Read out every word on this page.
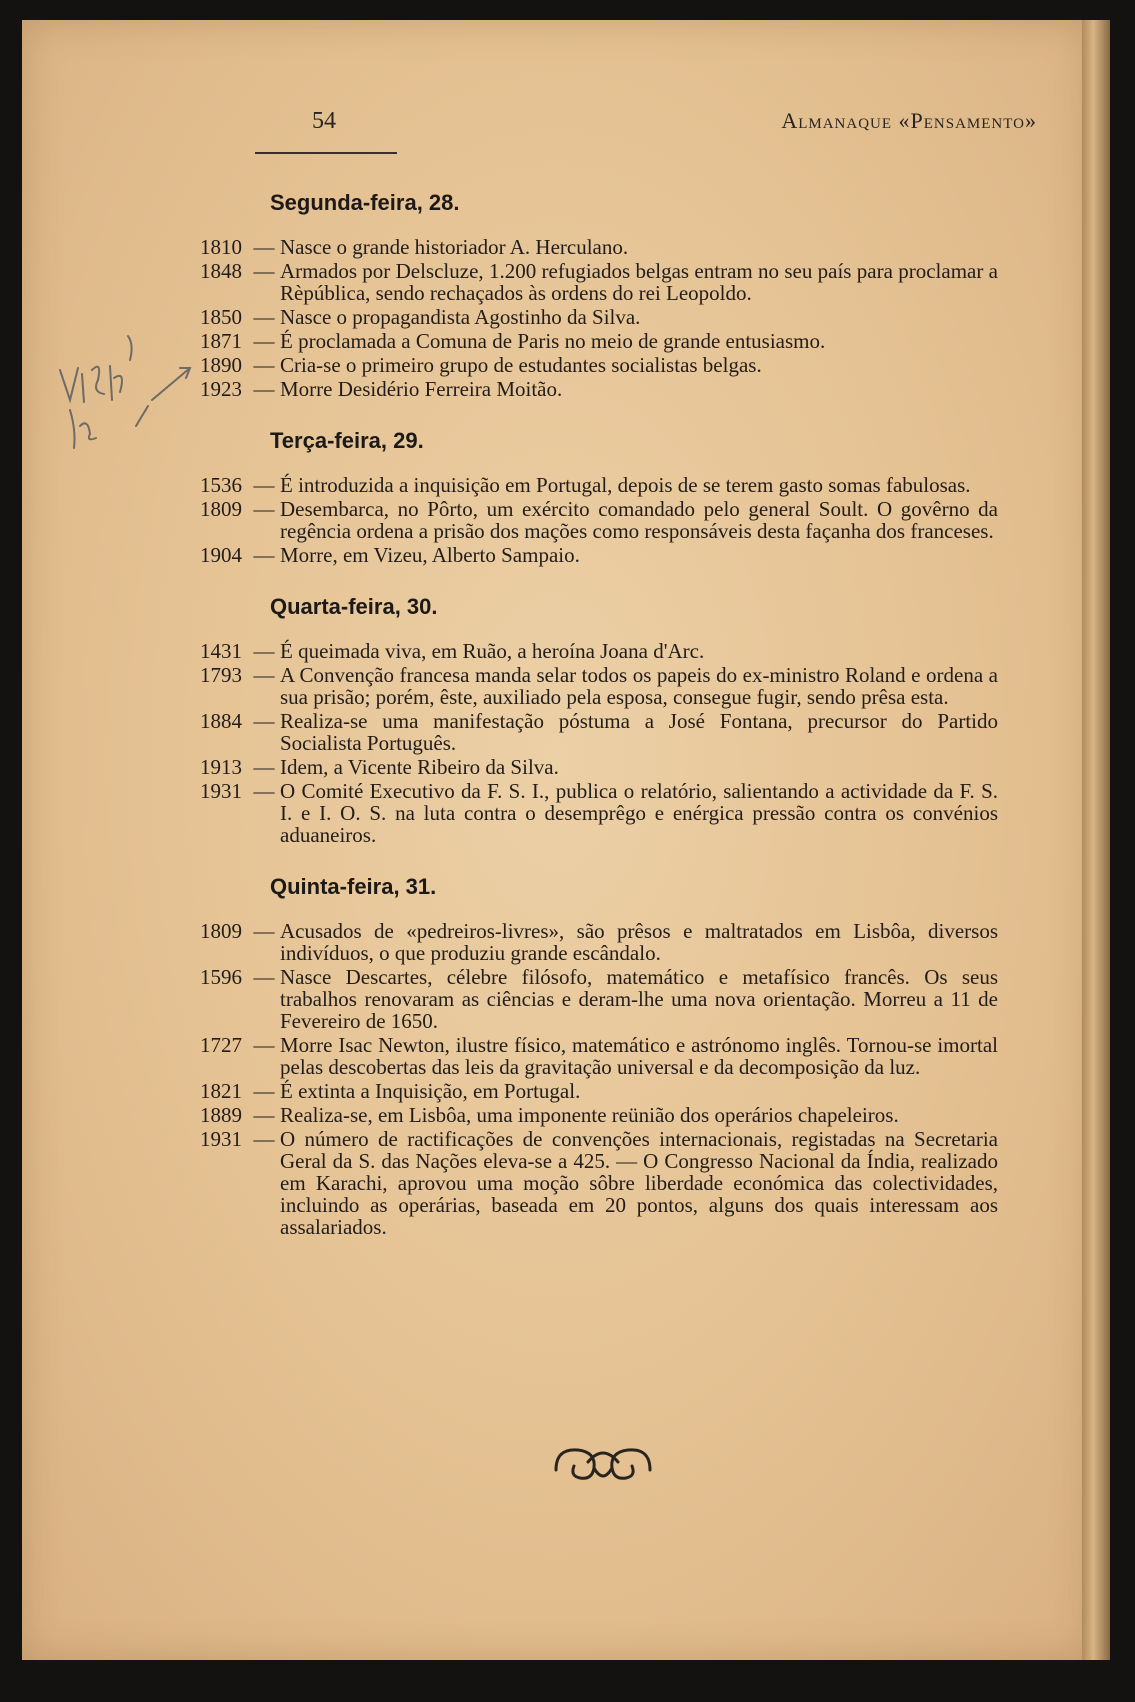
54	Almanaque «Pensamento»
Segunda-feira, 28.
1810 — Nasce o grande historiador A. Herculano.
1848 — Armados por Delscluze, 1.200 refugiados belgas entram no seu país para proclamar a Rèpública, sendo rechaçados às ordens do rei Leopoldo.
1850 — Nasce o propagandista Agostinho da Silva.
1871 — É proclamada a Comuna de Paris no meio de grande entusiasmo.
1890 — Cria-se o primeiro grupo de estudantes socialistas belgas.
1923 — Morre Desidério Ferreira Moitão.
Terça-feira, 29.
1536 — É introduzida a inquisição em Portugal, depois de se terem gasto somas fabulosas.
1809 — Desembarca, no Pôrto, um exército comandado pelo general Soult. O govêrno da regência ordena a prisão dos mações como responsáveis desta façanha dos franceses.
1904 — Morre, em Vizeu, Alberto Sampaio.
Quarta-feira, 30.
1431 — É queimada viva, em Ruão, a heroína Joana d'Arc.
1793 — A Convenção francesa manda selar todos os papeis do ex-ministro Roland e ordena a sua prisão; porém, êste, auxiliado pela esposa, consegue fugir, sendo prêsa esta.
1884 — Realiza-se uma manifestação póstuma a José Fontana, precursor do Partido Socialista Português.
1913 — Idem, a Vicente Ribeiro da Silva.
1931 — O Comité Executivo da F. S. I., publica o relatório, salientando a actividade da F. S. I. e I. O. S. na luta contra o desemprêgo e enérgica pressão contra os convénios aduaneiros.
Quinta-feira, 31.
1809 — Acusados de «pedreiros-livres», são prêsos e maltratados em Lisbôa, diversos indivíduos, o que produziu grande escândalo.
1596 — Nasce Descartes, célebre filósofo, matemático e metafísico francês. Os seus trabalhos renovaram as ciências e deram-lhe uma nova orientação. Morreu a 11 de Fevereiro de 1650.
1727 — Morre Isac Newton, ilustre físico, matemático e astrónomo inglês. Tornou-se imortal pelas descobertas das leis da gravitação universal e da decomposição da luz.
1821 — É extinta a Inquisição, em Portugal.
1889 — Realiza-se, em Lisbôa, uma imponente reünião dos operários chapeleiros.
1931 — O número de ractificações de convenções internacionais, registadas na Secretaria Geral da S. das Nações eleva-se a 425. — O Congresso Nacional da Índia, realizado em Karachi, aprovou uma moção sôbre liberdade económica das colectividades, incluindo as operárias, baseada em 20 pontos, alguns dos quais interessam aos assalariados.
